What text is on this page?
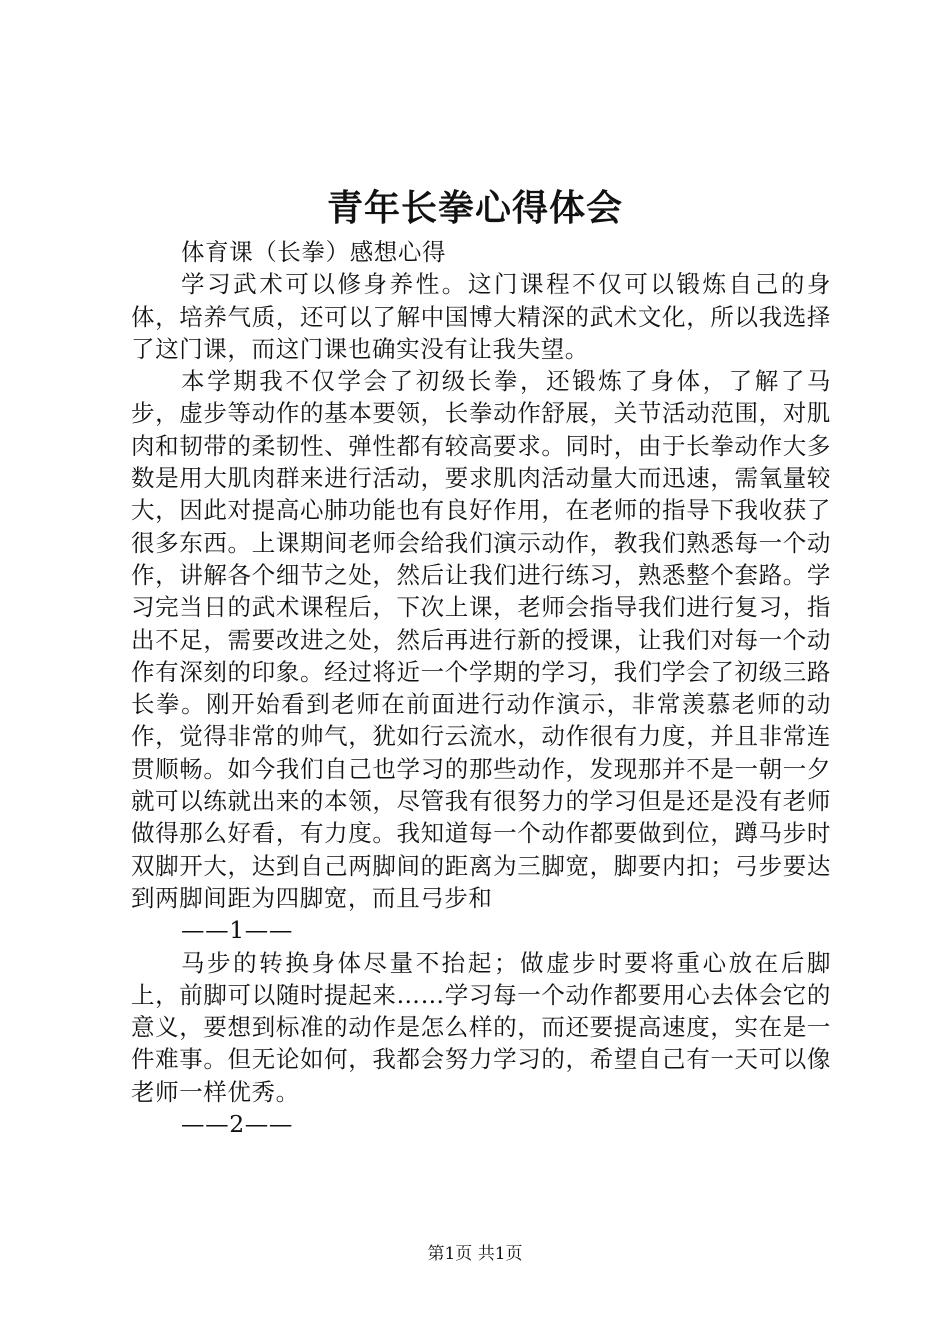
青年长拳心得体会

体育课（长拳）感想心得

学习武术可以修身养性。这门课程不仅可以锻炼自己的身体，培养气质，还可以了解中国博大精深的武术文化，所以我选择了这门课，而这门课也确实没有让我失望。

本学期我不仅学会了初级长拳，还锻炼了身体，了解了马步，虚步等动作的基本要领，长拳动作舒展，关节活动范围，对肌肉和韧带的柔韧性、弹性都有较高要求。同时，由于长拳动作大多数是用大肌肉群来进行活动，要求肌肉活动量大而迅速，需氧量较大，因此对提高心肺功能也有良好作用，在老师的指导下我收获了很多东西。上课期间老师会给我们演示动作，教我们熟悉每一个动作，讲解各个细节之处，然后让我们进行练习，熟悉整个套路。学习完当日的武术课程后，下次上课，老师会指导我们进行复习，指出不足，需要改进之处，然后再进行新的授课，让我们对每一个动作有深刻的印象。经过将近一个学期的学习，我们学会了初级三路长拳。刚开始看到老师在前面进行动作演示，非常羡慕老师的动作，觉得非常的帅气，犹如行云流水，动作很有力度，并且非常连贯顺畅。如今我们自己也学习的那些动作，发现那并不是一朝一夕就可以练就出来的本领，尽管我有很努力的学习但是还是没有老师做得那么好看，有力度。我知道每一个动作都要做到位，蹲马步时双脚开大，达到自己两脚间的距离为三脚宽，脚要内扣；弓步要达到两脚间距为四脚宽，而且弓步和

——1——

马步的转换身体尽量不抬起；做虚步时要将重心放在后脚上，前脚可以随时提起来……学习每一个动作都要用心去体会它的意义，要想到标准的动作是怎么样的，而还要提高速度，实在是一件难事。但无论如何，我都会努力学习的，希望自己有一天可以像老师一样优秀。

——2——

第1页 共1页
